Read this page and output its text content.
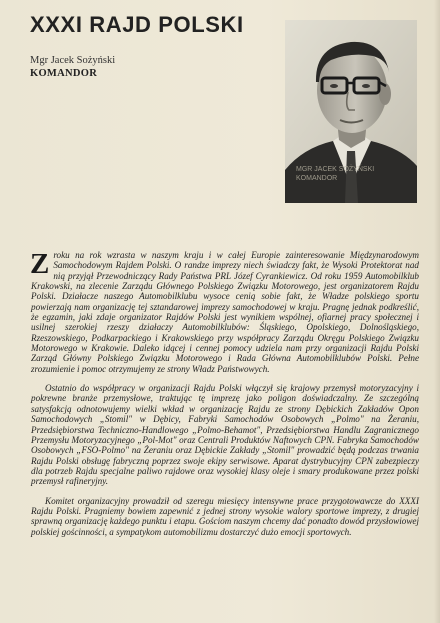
XXXI RAJD POLSKI
Mgr Jacek Sożyński
KOMANDOR
MGR JACEK SOŻYŃSKI
KOMANDOR

Zroku na rok wzrasta w naszym kraju i w całej Europie zainteresowanie Międzynarodowym Samochodowym Rajdem Polski. O randze imprezy niech świadczy fakt, że Wysoki Protektorat nad nią przyjął Przewodniczący Rady Państwa PRL Józef Cyrankiewicz. Od roku 1959 Automobilklub Krakowski, na zlecenie Zarządu Głównego Polskiego Związku Motorowego, jest organizatorem Rajdu Polski. Działacze naszego Automobilklubu wysoce cenią sobie fakt, że Władze polskiego sportu powierzają nam organizację tej sztandarowej imprezy samochodowej w kraju. Pragnę jednak podkreślić, że egzamin, jaki zdaje organizator Rajdów Polski jest wynikiem wspólnej, ofiarnej pracy społecznej i usilnej szerokiej rzeszy działaczy Automobilklubów: Śląskiego, Opolskiego, Dolnośląskiego, Rzeszowskiego, Podkarpackiego i Krakowskiego przy współpracy Zarządu Okręgu Polskiego Związku Motorowego w Krakowie. Daleko idącej i cennej pomocy udziela nam przy organizacji Rajdu Polski Zarząd Główny Polskiego Związku Motorowego i Rada Główna Automobilklubów Polski. Pełne zrozumienie i pomoc otrzymujemy ze strony Władz Państwowych.

Ostatnio do współpracy w organizacji Rajdu Polski włączył się krajowy przemysł motoryzacyjny i pokrewne branże przemysłowe, traktując tę imprezę jako poligon doświadczalny. Ze szczególną satysfakcją odnotowujemy wielki wkład w organizację Rajdu ze strony Dębickich Zakładów Opon Samochodowych „Stomil" w Dębicy, Fabryki Samochodów Osobowych „Polmo" na Żeraniu, Przedsiębiorstwa Techniczno-Handlowego „Polmo-Behamot", Przedsiębiorstwa Handlu Zagranicznego Przemysłu Motoryzacyjnego „Pol-Mot" oraz Centrali Produktów Naftowych CPN. Fabryka Samochodów Osobowych „FSO-Polmo" na Żeraniu oraz Dębickie Zakłady „Stomil" prowadzić będą podczas trwania Rajdu Polski obsługę fabryczną poprzez swoje ekipy serwisowe. Aparat dystrybucyjny CPN zabezpieczy dla potrzeb Rajdu specjalne paliwo rajdowe oraz wysokiej klasy oleje i smary produkowane przez polski przemysł rafineryjny.

Komitet organizacyjny prowadził od szeregu miesięcy intensywne prace przygotowawcze do XXXI Rajdu Polski. Pragniemy bowiem zapewnić z jednej strony wysokie walory sportowe imprezy, z drugiej sprawną organizację każdego punktu i etapu. Gościom naszym chcemy dać ponadto dowód przysłowiowej polskiej gościnności, a sympatykom automobilizmu dostarczyć dużo emocji sportowych.
